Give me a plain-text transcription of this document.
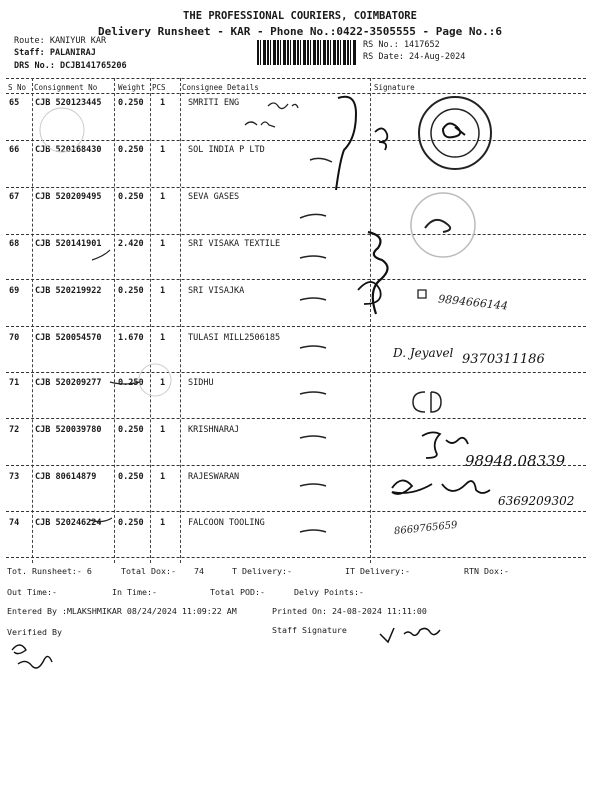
THE PROFESSIONAL COURIERS, COIMBATORE
Delivery Runsheet - KAR - Phone No.:0422-3505555 - Page No.:6
Route: KANIYUR KAR
Staff: PALANIRAJ
DRS No.: DCJB141765206
RS No.: 1417652
RS Date: 24-Aug-2024
S No Consignment No	Weight PCS Consignee Details	Signature
65 CJB 520123445 0.250 1	SMRITI ENG
66 CJB 520168430 0.250 1	SOL INDIA P LTD
67 CJB 520209495 0.250 1	SEVA GASES
68 CJB 520141901 2.420 1	SRI VISAKA TEXTILE
69 CJB 520219922 0.250 1	SRI VISAJKA
70 CJB 520054570 1.670 1	TULASI MILL2506185
71 CJB 520209277 0.250 1	SIDHU
72 CJB 520039780 0.250 1	KRISHNARAJ
73 CJB 80614879	0.250 1	RAJESWARAN
74 CJB 520246224 0.250 1	FALCOON TOOLING
9894666144
D. Jeyavel 9370311186
98948.08339
6369209302
8669765659
Tot. Runsheet:- 6	Total Dox:- 74	T Delivery:-	IT Delivery:-	RTN Dox:-
Out Time:-	In Time:-	Total POD:-	Delvy Points:-
Entered By :MLAKSHMIKAR 08/24/2024 11:09:22 AM	Printed On: 24-08-2024 11:11:00
Verified By	Staff Signature
